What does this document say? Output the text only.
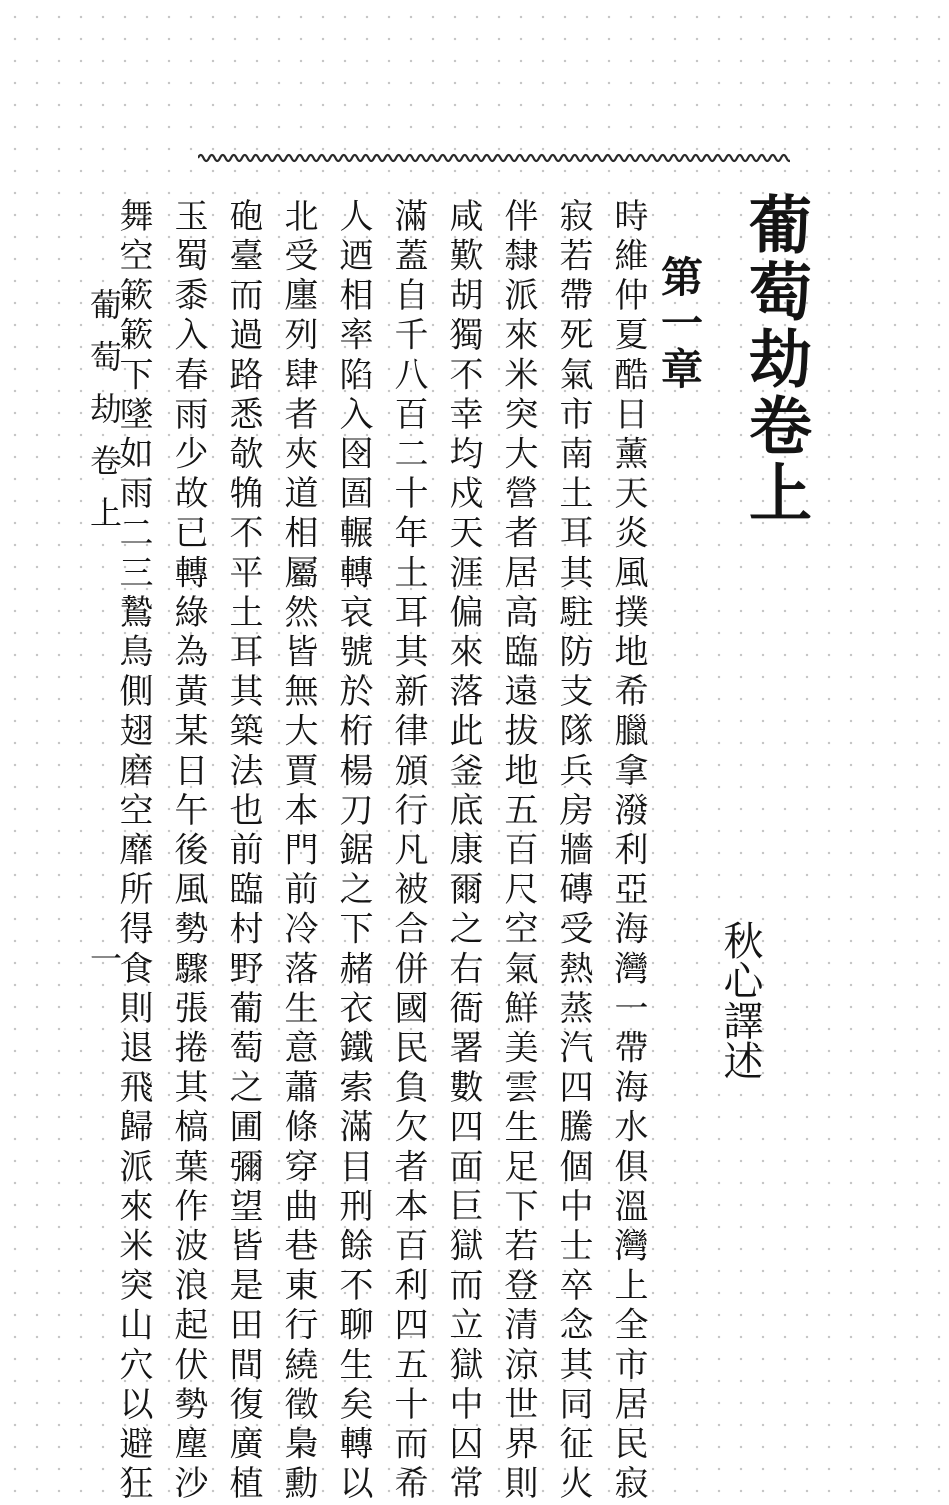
葡萄劫卷上
秋心譯述
第一章
時維仲夏酷日薰天炎風撲地希臘拿潑利亞海灣一帶海水俱溫灣上全市居民寂
寂若帶死氣市南土耳其駐防支隊兵房牆磚受熱蒸汽四騰個中士卒念其同征火
伴隸派來米突大營者居高臨遠拔地五百尺空氣鮮美雲生足下若登清涼世界則
咸歎胡獨不幸均戍天涯偏來落此釜底康爾之右衙署數四面巨獄而立獄中囚常
滿蓋自千八百二十年土耳其新律頒行凡被合併國民負欠者本百利四五十而希
人迺相率陷入囹圄輾轉哀號於桁楊刀鋸之下赭衣鐵索滿目刑餘不聊生矣轉以
北受廛列肆者夾道相屬然皆無大賈本門前冷落生意蕭條穿曲巷東行繞徵梟勳
砲臺而過路悉欹觕不平土耳其築法也前臨村野葡萄之圃彌望皆是田間復廣植
玉蜀黍入春雨少故已轉綠為黃某日午後風勢驟張捲其槁葉作波浪起伏勢塵沙
舞空簌簌下墜如雨二三鷙鳥側翅磨空靡所得食則退飛歸派來米突山穴以避狂
葡萄劫卷上
一
